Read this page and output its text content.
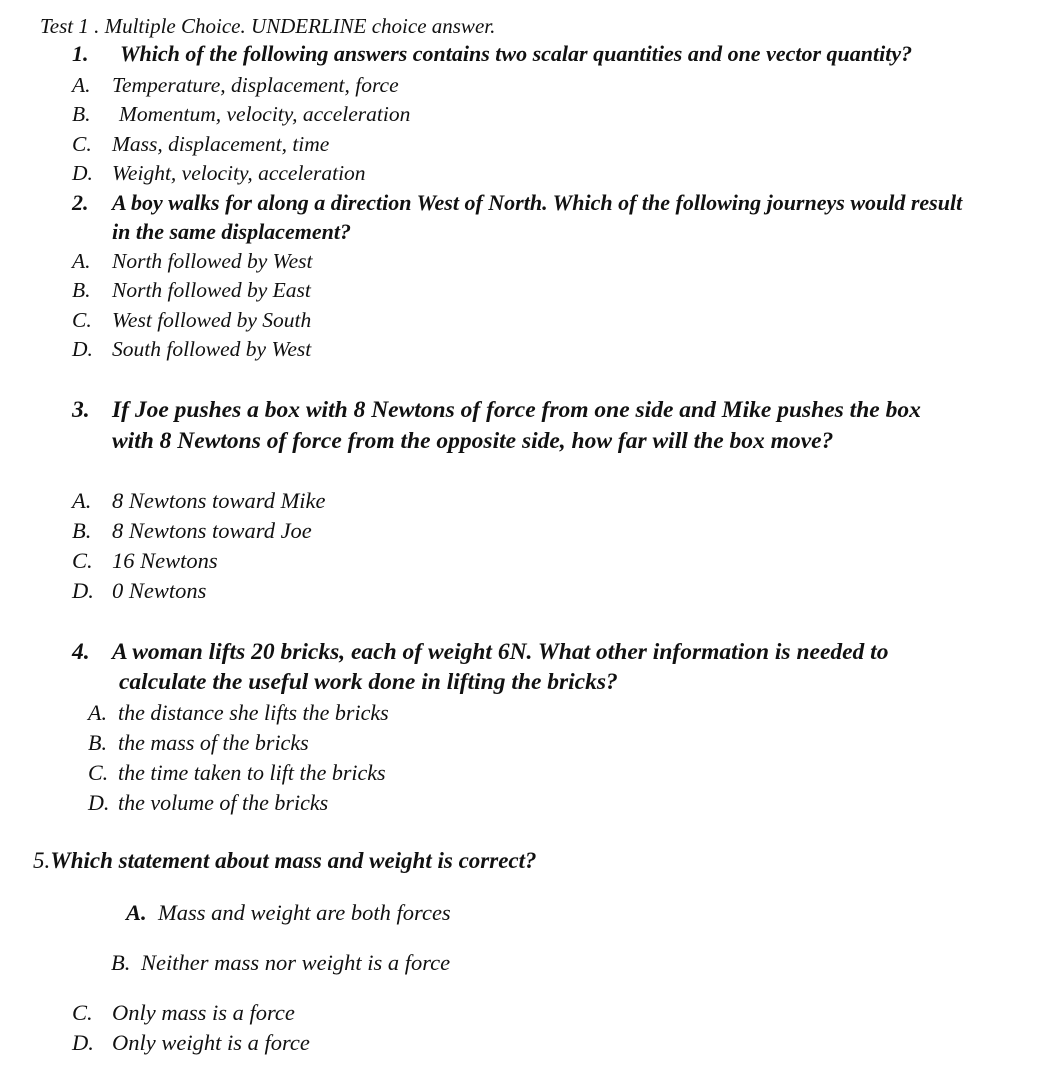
Test 1 . Multiple Choice. UNDERLINE choice answer.
1. Which of the following answers contains two scalar quantities and one vector quantity?
A. Temperature, displacement, force
B. Momentum, velocity, acceleration
C. Mass, displacement, time
D. Weight, velocity, acceleration
2. A boy walks for along a direction West of North. Which of the following journeys would result
in the same displacement?
A. North followed by West
B. North followed by East
C. West followed by South
D. South followed by West
3. If Joe pushes a box with 8 Newtons of force from one side and Mike pushes the box
with 8 Newtons of force from the opposite side, how far will the box move?
A. 8 Newtons toward Mike
B. 8 Newtons toward Joe
C. 16 Newtons
D. 0 Newtons
4. A woman lifts 20 bricks, each of weight 6N. What other information is needed to
calculate the useful work done in lifting the bricks?
A. the distance she lifts the bricks
B. the mass of the bricks
C. the time taken to lift the bricks
D. the volume of the bricks
5.Which statement about mass and weight is correct?
A. Mass and weight are both forces
B. Neither mass nor weight is a force
C. Only mass is a force
D. Only weight is a force
